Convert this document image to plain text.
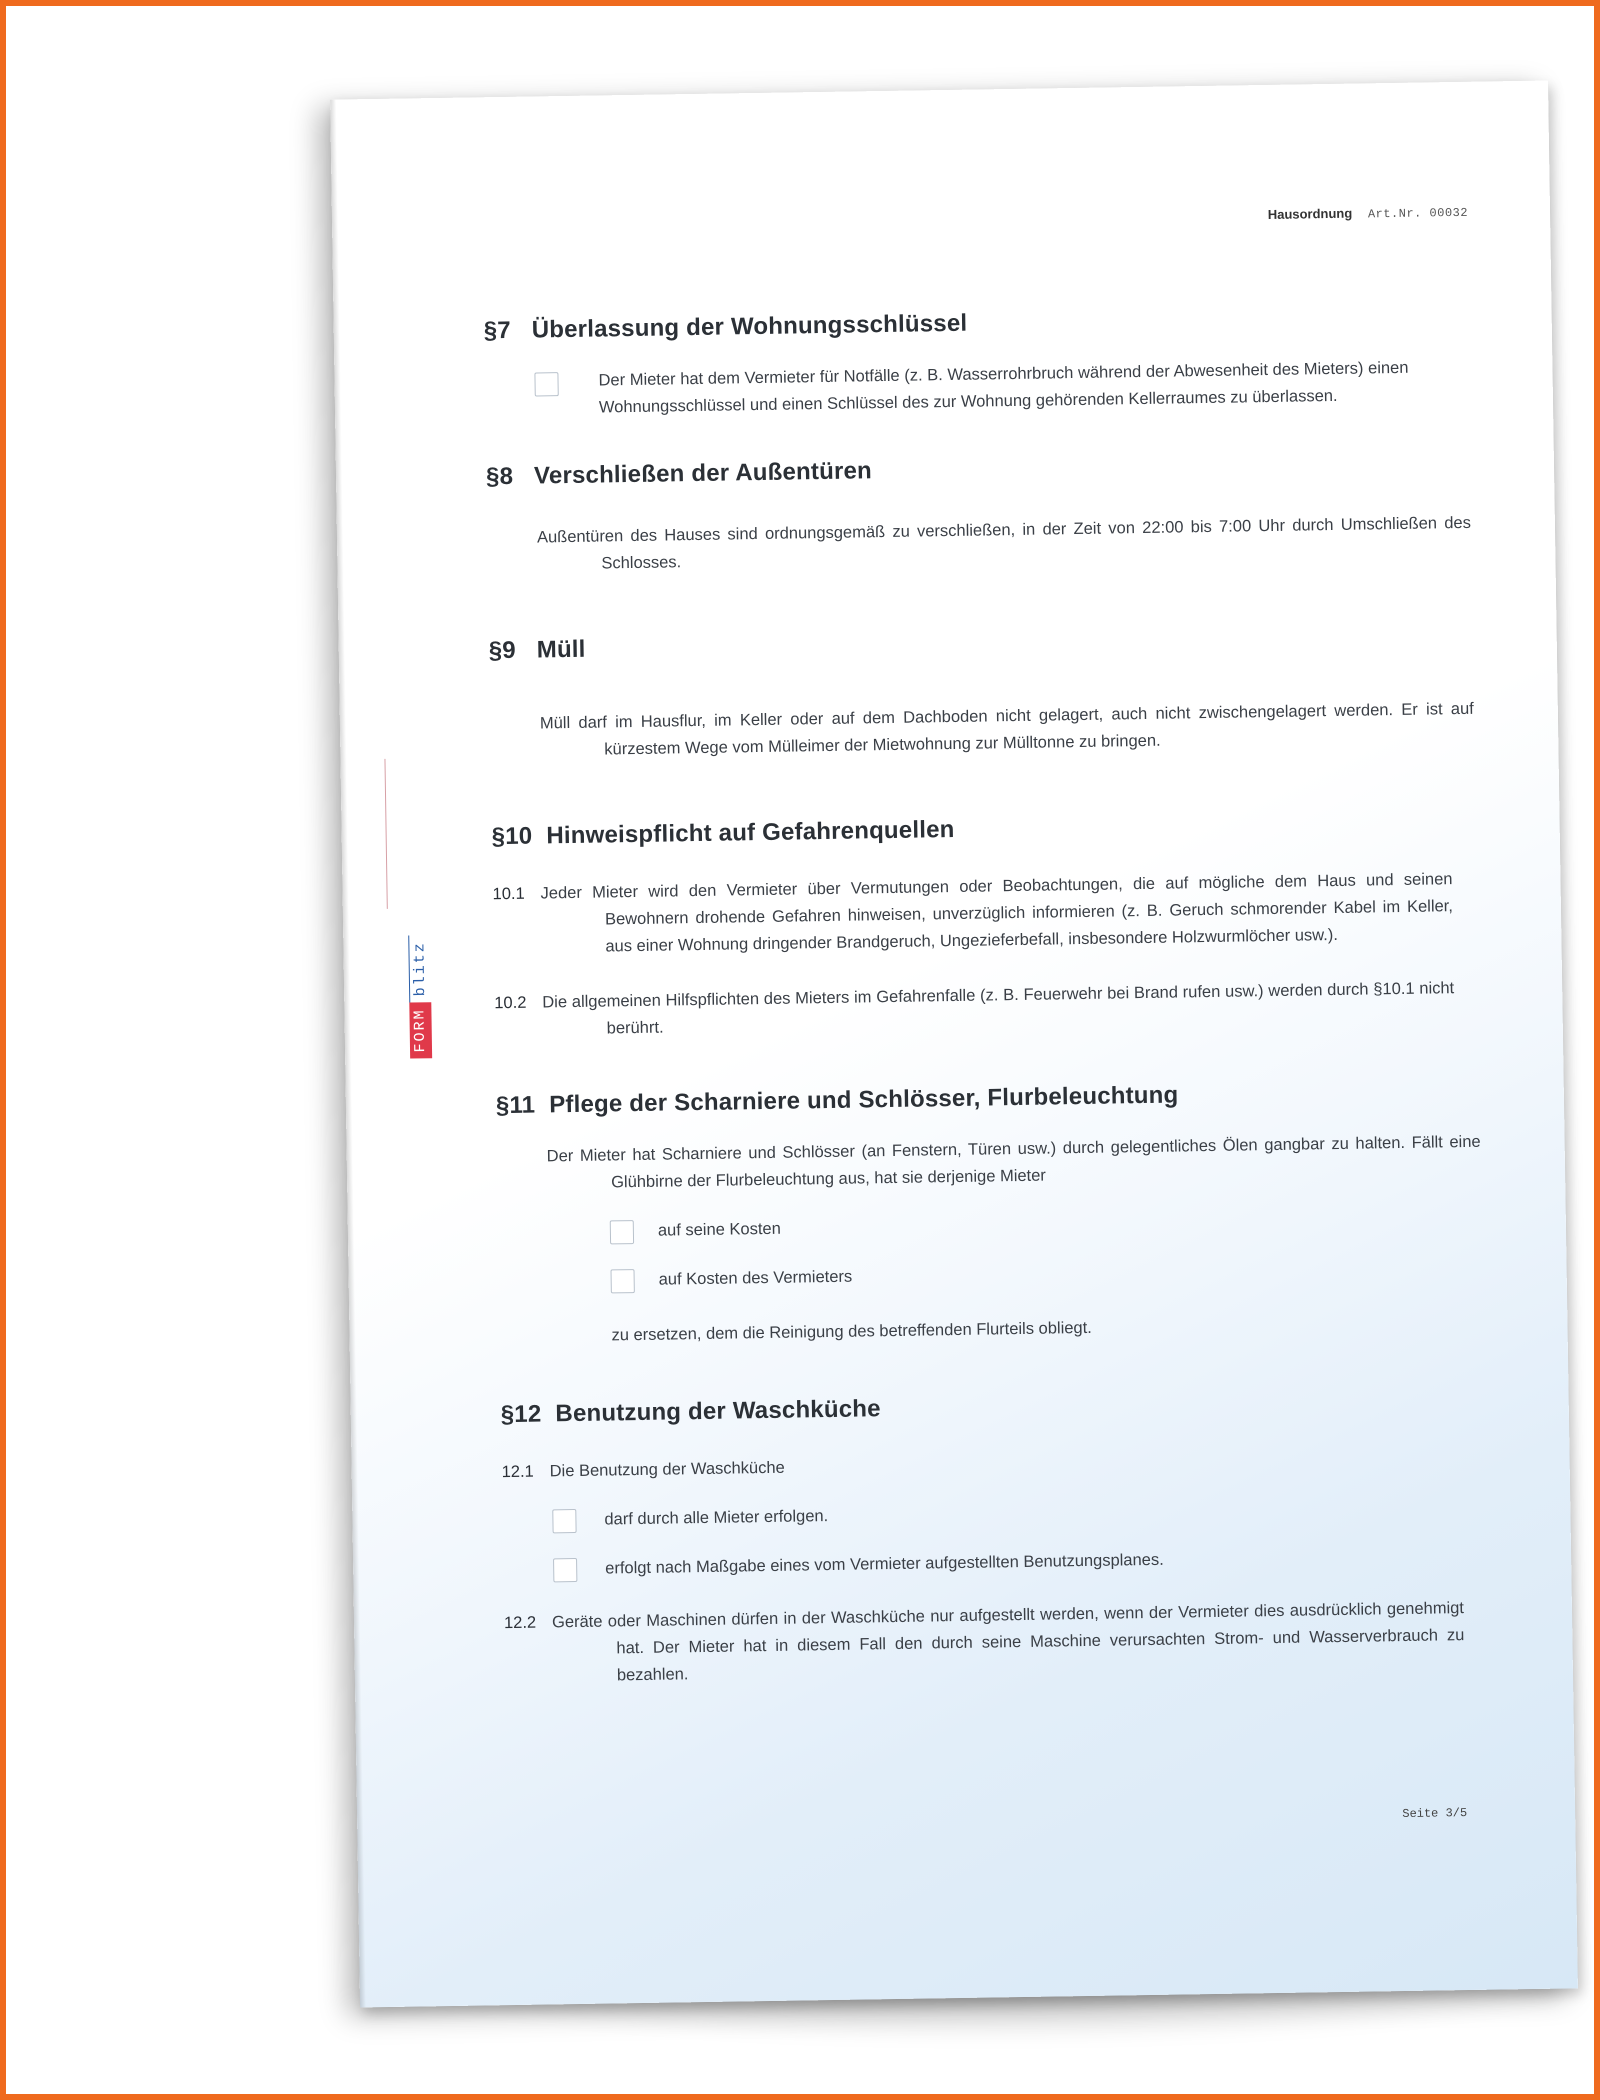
Hausordnung Art.Nr. 00032
FORM
blitz
§7 Überlassung der Wohnungsschlüssel
Der Mieter hat dem Vermieter für Notfälle (z. B. Wasserrohrbruch während der Abwesenheit des Mieters) einen Wohnungsschlüssel und einen Schlüssel des zur Wohnung gehörenden Kellerraumes zu überlassen.
§8 Verschließen der Außentüren
Außentüren des Hauses sind ordnungsgemäß zu verschließen, in der Zeit von 22:00 bis 7:00 Uhr durch Umschließen des Schlosses.
§9 Müll
Müll darf im Hausflur, im Keller oder auf dem Dachboden nicht gelagert, auch nicht zwischengelagert werden. Er ist auf kürzestem Wege vom Mülleimer der Mietwohnung zur Mülltonne zu bringen.
§10 Hinweispflicht auf Gefahrenquellen
10.1 Jeder Mieter wird den Vermieter über Vermutungen oder Beobachtungen, die auf mögliche dem Haus und seinen Bewohnern drohende Gefahren hinweisen, unverzüglich informieren (z. B. Geruch schmorender Kabel im Keller, aus einer Wohnung dringender Brandgeruch, Ungezieferbefall, insbesondere Holzwurmlöcher usw.).
10.2 Die allgemeinen Hilfspflichten des Mieters im Gefahrenfalle (z. B. Feuerwehr bei Brand rufen usw.) werden durch §10.1 nicht berührt.
§11 Pflege der Scharniere und Schlösser, Flurbeleuchtung
Der Mieter hat Scharniere und Schlösser (an Fenstern, Türen usw.) durch gelegentliches Ölen gangbar zu halten. Fällt eine Glühbirne der Flurbeleuchtung aus, hat sie derjenige Mieter
auf seine Kosten
auf Kosten des Vermieters
zu ersetzen, dem die Reinigung des betreffenden Flurteils obliegt.
§12 Benutzung der Waschküche
12.1 Die Benutzung der Waschküche
darf durch alle Mieter erfolgen.
erfolgt nach Maßgabe eines vom Vermieter aufgestellten Benutzungsplanes.
12.2 Geräte oder Maschinen dürfen in der Waschküche nur aufgestellt werden, wenn der Vermieter dies ausdrücklich genehmigt hat. Der Mieter hat in diesem Fall den durch seine Maschine verursachten Strom- und Wasserverbrauch zu bezahlen.
Seite 3/5
